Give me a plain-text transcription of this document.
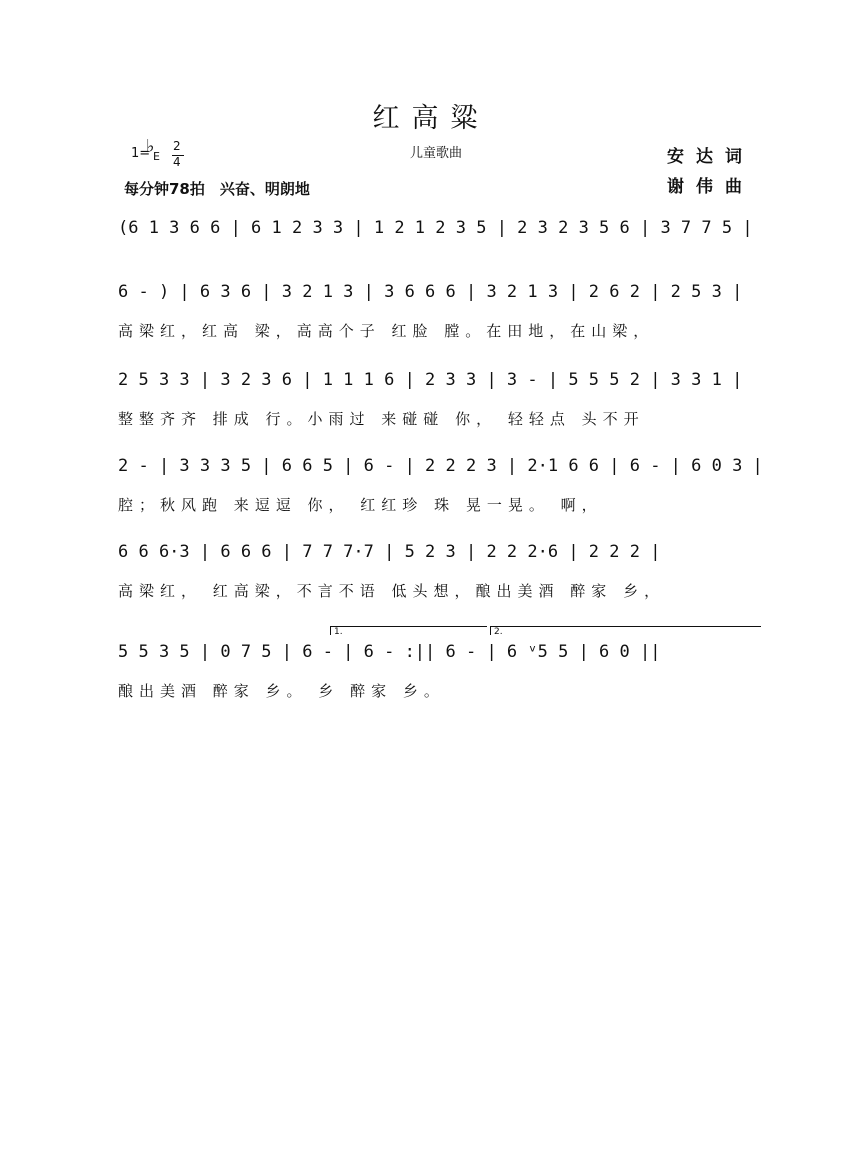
红高粱
儿童歌曲
1=
♭
E
2
4
每分钟78拍　兴奋、明朗地
安达词
谢伟曲
(6 1 3 6 6 | 6 1 2 3 3 | 1 2 1 2 3 5 | 2 3 2 3 5 6 | 3 7 7 5 |
6 - ) | 6 3 6 | 3 2 1 3 | 3 6 6 6 | 3 2 1 3 | 2 6 2 | 2 5 3 |
高梁红，红高 梁，高高个子 红脸 膛。在田地，在山梁，
2 5 3 3 | 3 2 3 6 | 1 1 1 6 | 2 3 3 | 3 - | 5 5 5 2 | 3 3 1 |
整整齐齐 排成 行。小雨过 来碰碰 你， 轻轻点 头不开
2 - | 3 3 3 5 | 6 6 5 | 6 - | 2 2 2 3 | 2·1 6 6 | 6 - | 6 0 3 |
腔；秋风跑 来逗逗 你， 红红珍 珠 晃一晃。 啊，
6 6 6·3 | 6 6 6 | 7 7 7·7 | 5 2 3 | 2 2 2·6 | 2 2 2 |
高梁红， 红高梁，不言不语 低头想，酿出美酒 醉家 乡，
1.	2.
5 5 3 5 | 0 7 5 | 6 - | 6 - :|| 6 - | 6 ᵛ5 5 | 6 0 ||
酿出美酒 醉家 乡。 乡 醉家 乡。
